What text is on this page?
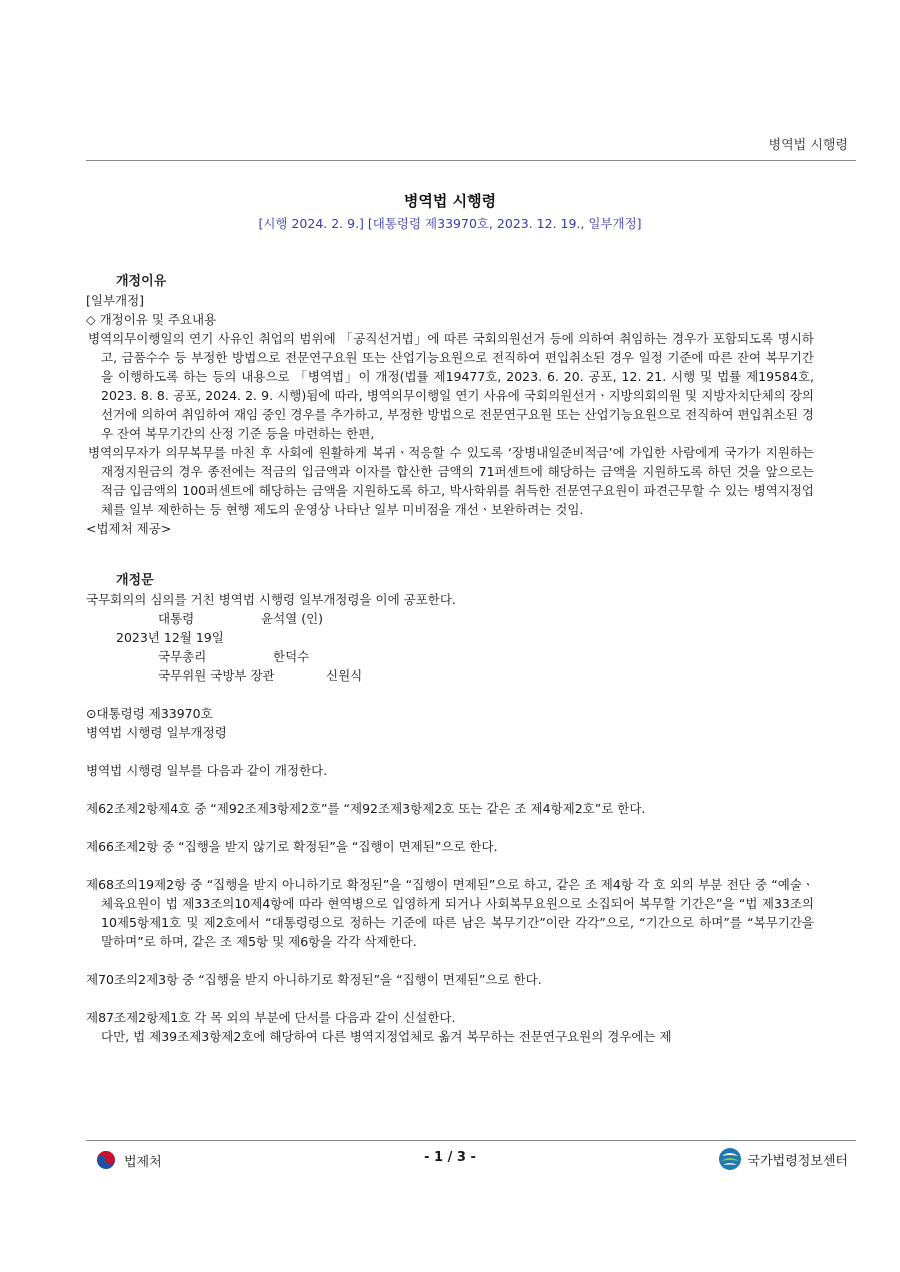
병역법 시행령
병역법 시행령
[시행 2024. 2. 9.] [대통령령 제33970호, 2023. 12. 19., 일부개정]

개정이유

[일부개정]

◇ 개정이유 및 주요내용

병역의무이행일의 연기 사유인 취업의 범위에 「공직선거법」에 따른 국회의원선거 등에 의하여 취임하는 경우가 포함되도록 명시하고, 금품수수 등 부정한 방법으로 전문연구요원 또는 산업기능요원으로 전직하여 편입취소된 경우 일정 기준에 따른 잔여 복무기간을 이행하도록 하는 등의 내용으로 「병역법」이 개정(법률 제19477호, 2023. 6. 20. 공포, 12. 21. 시행 및 법률 제19584호, 2023. 8. 8. 공포, 2024. 2. 9. 시행)됨에 따라, 병역의무이행일 연기 사유에 국회의원선거ㆍ지방의회의원 및 지방자치단체의 장의 선거에 의하여 취임하여 재임 중인 경우를 추가하고, 부정한 방법으로 전문연구요원 또는 산업기능요원으로 전직하여 편입취소된 경우 잔여 복무기간의 산정 기준 등을 마련하는 한편,

병역의무자가 의무복무를 마친 후 사회에 원활하게 복귀ㆍ적응할 수 있도록 ‘장병내일준비적금’에 가입한 사람에게 국가가 지원하는 재정지원금의 경우 종전에는 적금의 입금액과 이자를 합산한 금액의 71퍼센트에 해당하는 금액을 지원하도록 하던 것을 앞으로는 적금 입금액의 100퍼센트에 해당하는 금액을 지원하도록 하고, 박사학위를 취득한 전문연구요원이 파견근무할 수 있는 병역지정업체를 일부 제한하는 등 현행 제도의 운영상 나타난 일부 미비점을 개선ㆍ보완하려는 것임.

<법제처 제공>

개정문

국무회의의 심의를 거친 병역법 시행령 일부개정령을 이에 공포한다.

대통령	윤석열 (인)

2023년 12월 19일

국무총리	한덕수

국무위원 국방부 장관	신원식

⊙대통령령 제33970호

병역법 시행령 일부개정령

병역법 시행령 일부를 다음과 같이 개정한다.

제62조제2항제4호 중 “제92조제3항제2호”를 “제92조제3항제2호 또는 같은 조 제4항제2호”로 한다.

제66조제2항 중 “집행을 받지 않기로 확정된”을 “집행이 면제된”으로 한다.

제68조의19제2항 중 “집행을 받지 아니하기로 확정된”을 “집행이 면제된”으로 하고, 같은 조 제4항 각 호 외의 부분 전단 중 “예술ㆍ체육요원이 법 제33조의10제4항에 따라 현역병으로 입영하게 되거나 사회복무요원으로 소집되어 복무할 기간은”을 “법 제33조의10제5항제1호 및 제2호에서 “대통령령으로 정하는 기준에 따른 남은 복무기간”이란 각각”으로, “기간으로 하며”를 “복무기간을 말하며”로 하며, 같은 조 제5항 및 제6항을 각각 삭제한다.

제70조의2제3항 중 “집행을 받지 아니하기로 확정된”을 “집행이 면제된”으로 한다.

제87조제2항제1호 각 목 외의 부분에 단서를 다음과 같이 신설한다.

다만, 법 제39조제3항제2호에 해당하여 다른 병역지정업체로 옮겨 복무하는 전문연구요원의 경우에는 제

법제처	- 1 / 3 -	국가법령정보센터
